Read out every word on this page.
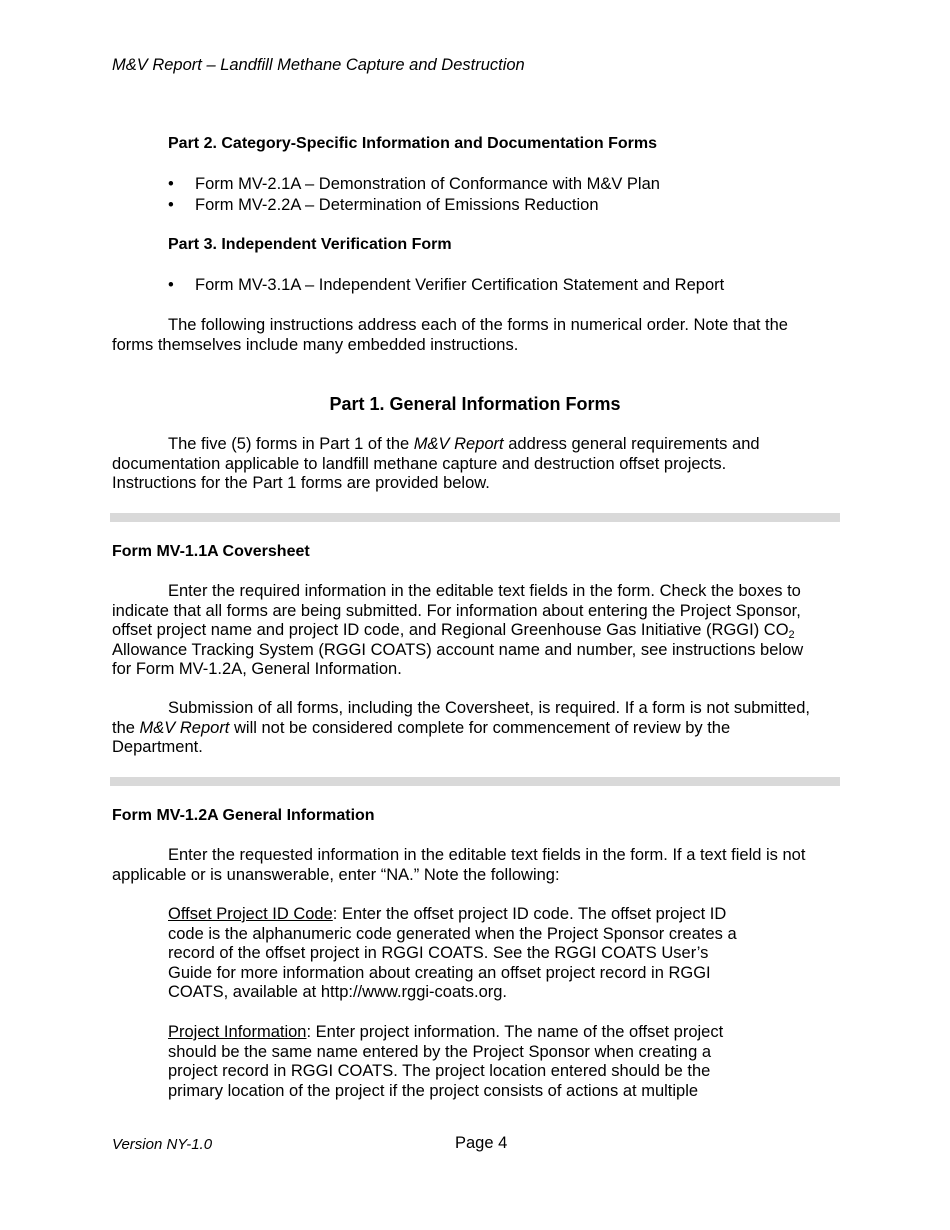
M&V Report – Landfill Methane Capture and Destruction
Part 2. Category-Specific Information and Documentation Forms
• Form MV-2.1A – Demonstration of Conformance with M&V Plan
• Form MV-2.2A – Determination of Emissions Reduction
Part 3. Independent Verification Form
• Form MV-3.1A – Independent Verifier Certification Statement and Report
The following instructions address each of the forms in numerical order. Note that the
forms themselves include many embedded instructions.
Part 1. General Information Forms
The five (5) forms in Part 1 of the M&V Report address general requirements and
documentation applicable to landfill methane capture and destruction offset projects.
Instructions for the Part 1 forms are provided below.
Form MV-1.1A Coversheet
Enter the required information in the editable text fields in the form. Check the boxes to
indicate that all forms are being submitted. For information about entering the Project Sponsor,
offset project name and project ID code, and Regional Greenhouse Gas Initiative (RGGI) $CO_2$
Allowance Tracking System (RGGI COATS) account name and number, see instructions below
for Form MV-1.2A, General Information.
Submission of all forms, including the Coversheet, is required. If a form is not submitted,
the M&V Report will not be considered complete for commencement of review by the
Department.
Form MV-1.2A General Information
Enter the requested information in the editable text fields in the form. If a text field is not
applicable or is unanswerable, enter “NA.” Note the following:
Offset Project ID Code: Enter the offset project ID code. The offset project ID
code is the alphanumeric code generated when the Project Sponsor creates a
record of the offset project in RGGI COATS. See the RGGI COATS User’s
Guide for more information about creating an offset project record in RGGI
COATS, available at http://www.rggi-coats.org.
Project Information: Enter project information. The name of the offset project
should be the same name entered by the Project Sponsor when creating a
project record in RGGI COATS. The project location entered should be the
primary location of the project if the project consists of actions at multiple
Version NY-1.0	Page 4
